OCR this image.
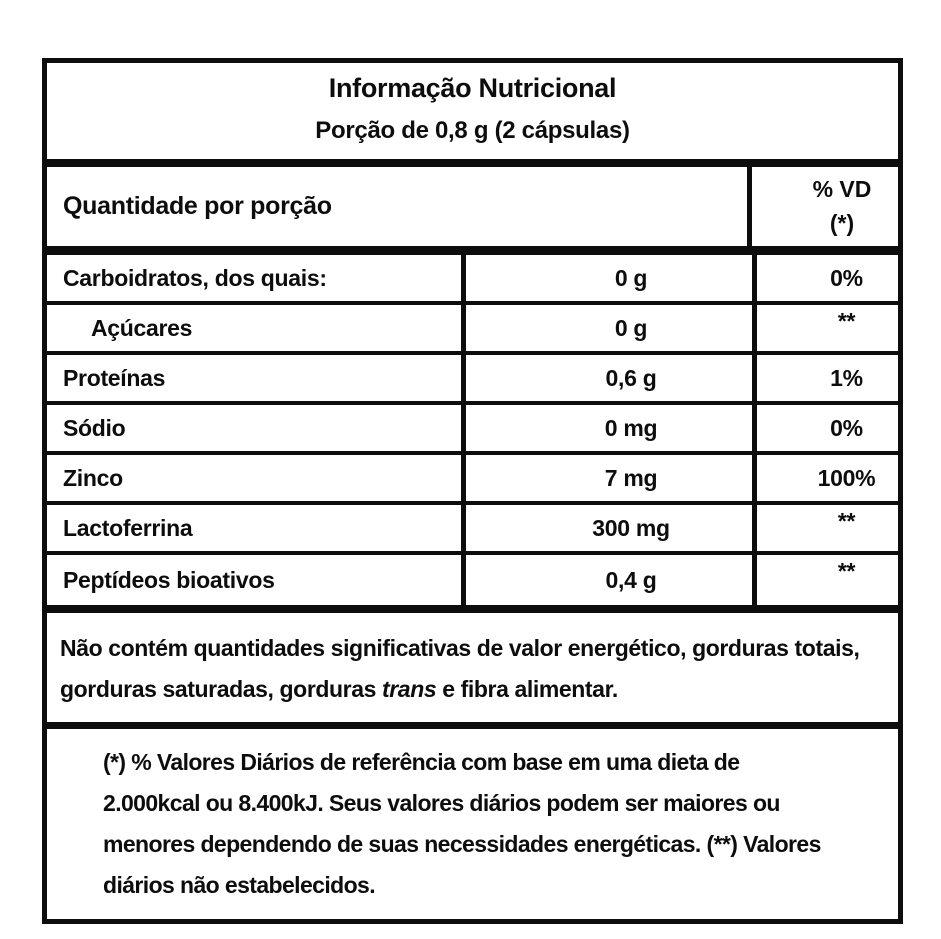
Informação Nutricional
Porção de 0,8 g (2 cápsulas)
Quantidade por porção
% VD
(*)
Carboidratos, dos quais:	0 g	0%
Açúcares	0 g	**
Proteínas	0,6 g	1%
Sódio	0 mg	0%
Zinco	7 mg	100%
Lactoferrina	300 mg	**
Peptídeos bioativos	0,4 g	**

Não contém quantidades significativas de valor energético, gorduras totais, gorduras saturadas, gorduras trans e fibra alimentar.

(*) % Valores Diários de referência com base em uma dieta de 2.000kcal ou 8.400kJ. Seus valores diários podem ser maiores ou menores dependendo de suas necessidades energéticas. (**) Valores diários não estabelecidos.
